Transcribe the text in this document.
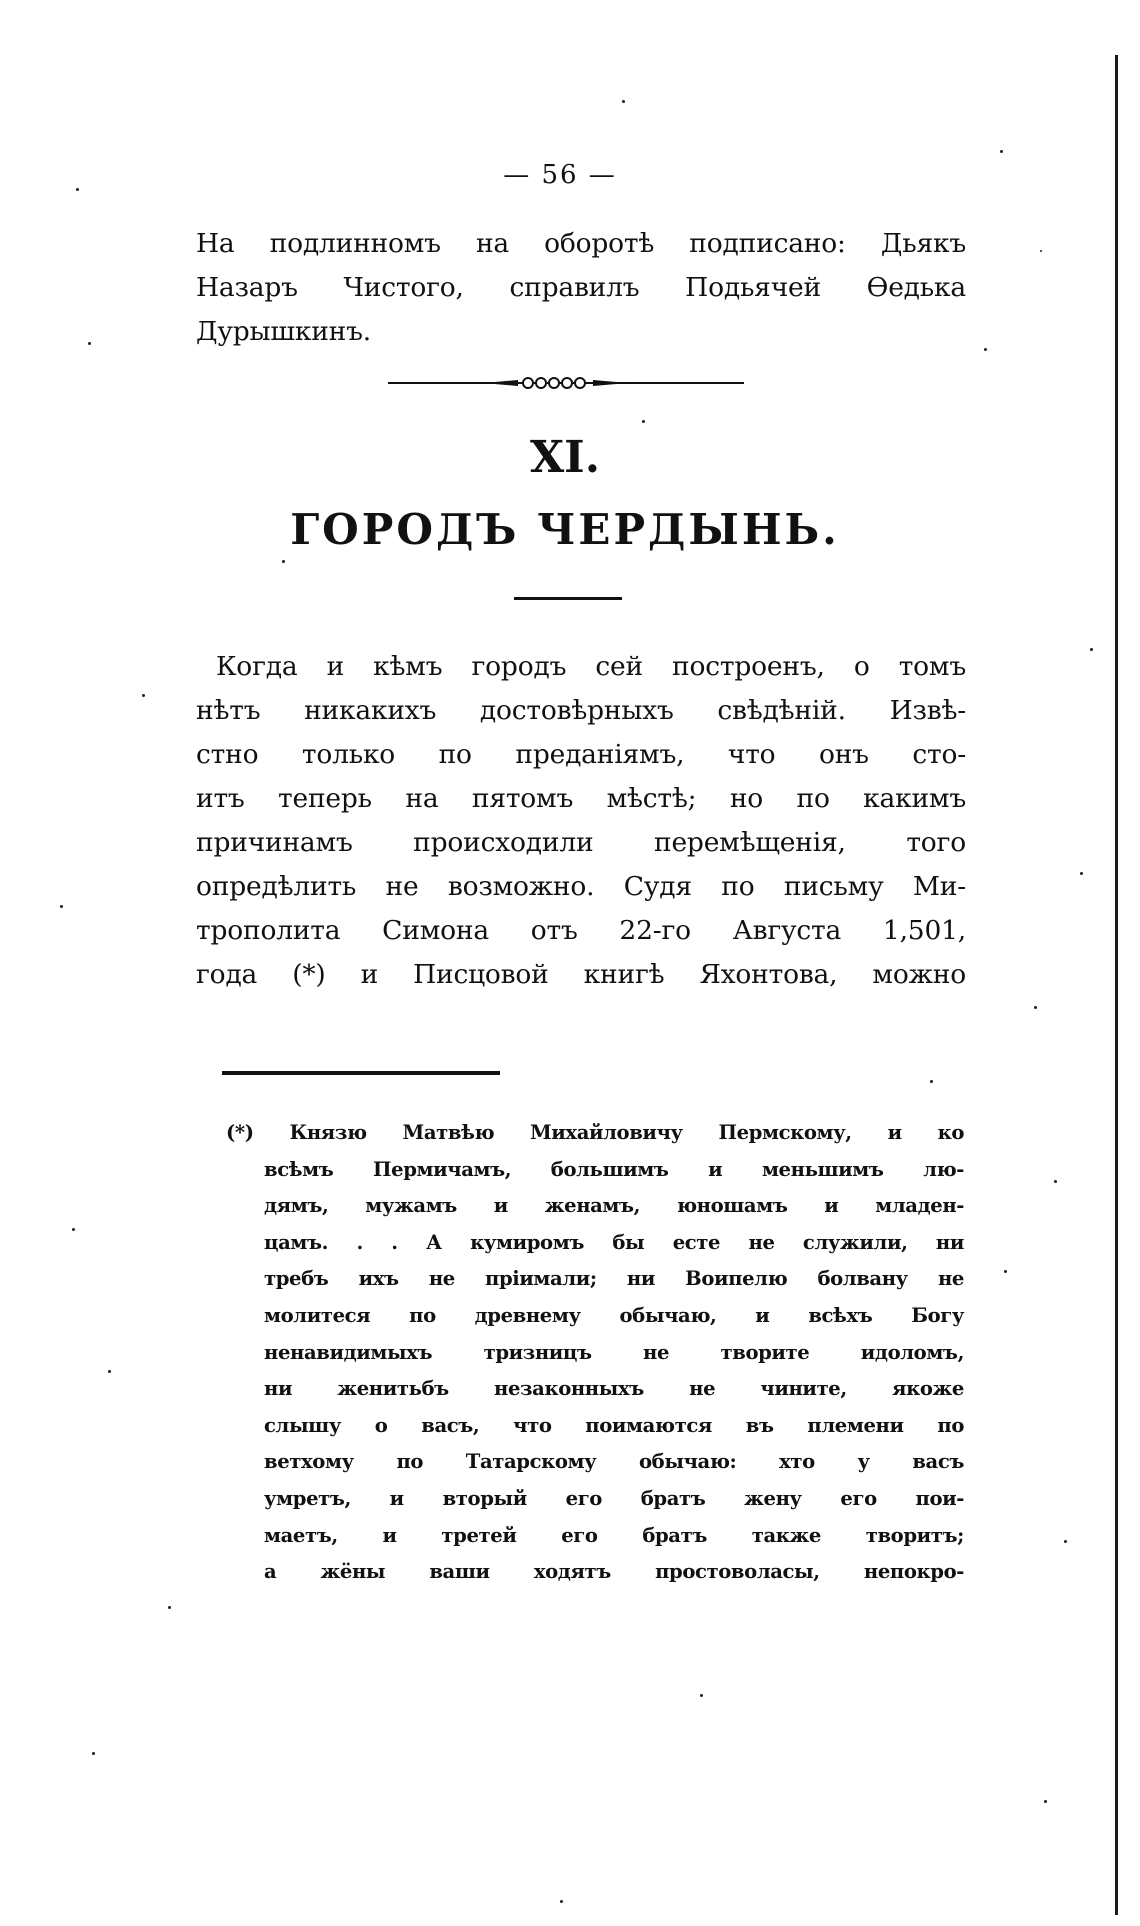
— 56 —
На подлинномъ на оборотѣ подписано: Дьякъ
Назаръ Чистого, справилъ Подьячей Ѳедька
Дурышкинъ.
XI.
ГОРОДЪ ЧЕРДЫНЬ.
Когда и кѣмъ городъ сей построенъ, о томъ
нѣтъ никакихъ достовѣрныхъ свѣдѣній. Извѣ-
стно только по преданіямъ, что онъ сто-
итъ теперь на пятомъ мѣстѣ; но по какимъ
причинамъ происходили перемѣщенія, того
опредѣлить не возможно. Судя по письму Ми-
трополита Симона отъ 22-го Августа 1,501,
года (*) и Писцовой книгѣ Яхонтова, можно
(*) Князю Матвѣю Михайловичу Пермскому, и ко
всѣмъ Пермичамъ, большимъ и меньшимъ лю-
дямъ, мужамъ и женамъ, юношамъ и младен-
цамъ. . . А кумиромъ бы есте не служили, ни
требъ ихъ не пріимали; ни Воипелю болвану не
молитеся по древнему обычаю, и всѣхъ Богу
ненавидимыхъ тризницъ не творите идоломъ,
ни женитьбъ незаконныхъ не чините, якоже
слышу о васъ, что поимаются въ племени по
ветхому по Татарскому обычаю: хто у васъ
умретъ, и вторый его братъ жену его пои-
маетъ, и третей его братъ также творитъ;
а жёны ваши ходятъ простоволасы, непокро-
